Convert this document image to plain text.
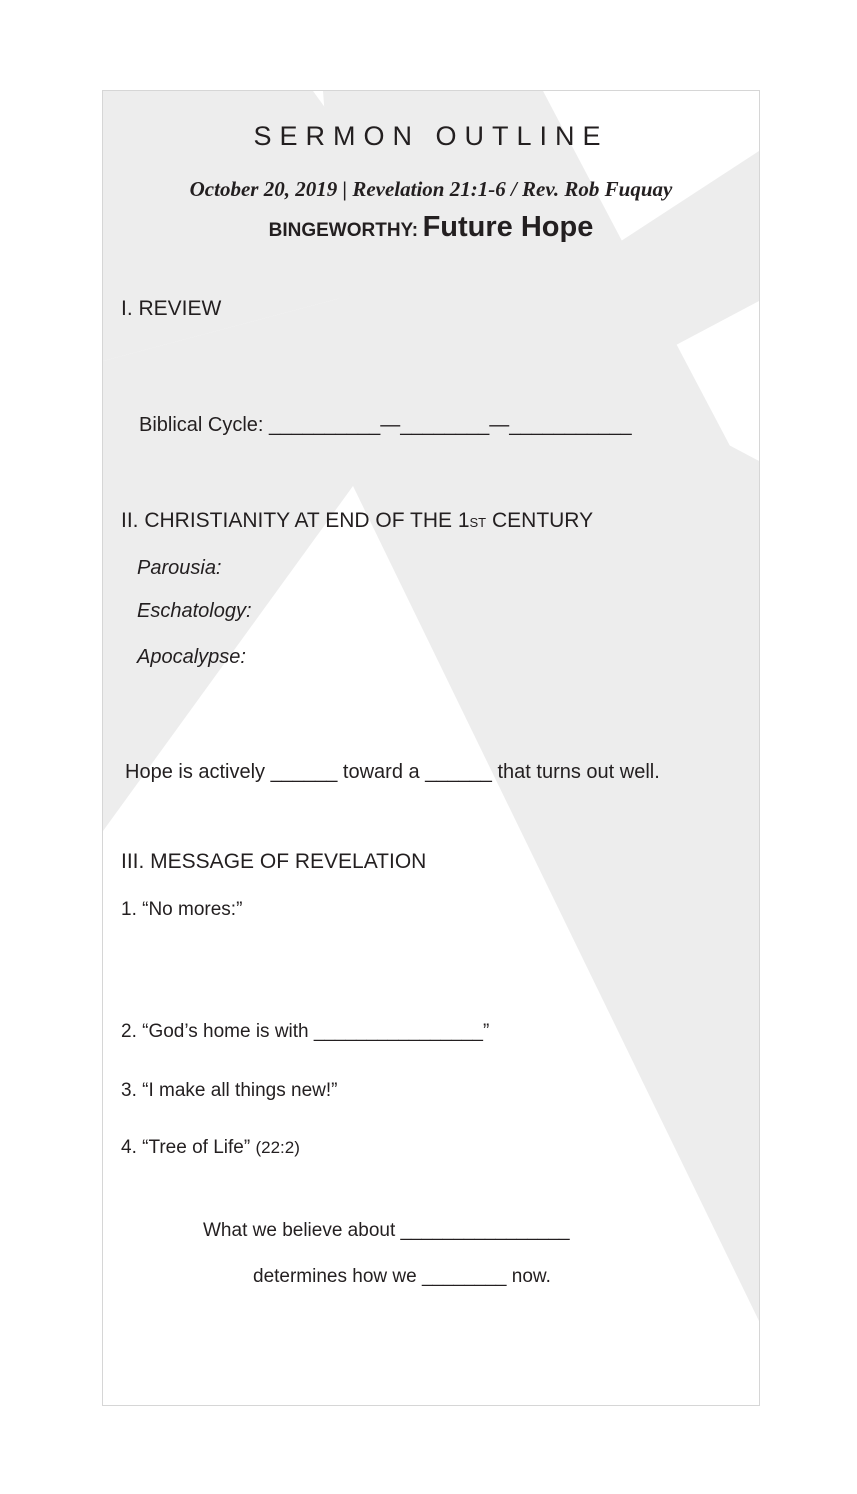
SERMON OUTLINE
October 20, 2019 | Revelation 21:1-6 / Rev. Rob Fuquay
BINGEWORTHY: Future Hope
I. REVIEW
Biblical Cycle: __________—________—___________
II. CHRISTIANITY AT END OF THE 1ST CENTURY
Parousia:
Eschatology:
Apocalypse:
Hope is actively ______ toward a ______ that turns out well.
III. MESSAGE OF REVELATION
1. “No mores:”
2. “God’s home is with ________________”
3. “I make all things new!”
4. “Tree of Life” (22:2)
What we believe about ________________
determines how we ________ now.
